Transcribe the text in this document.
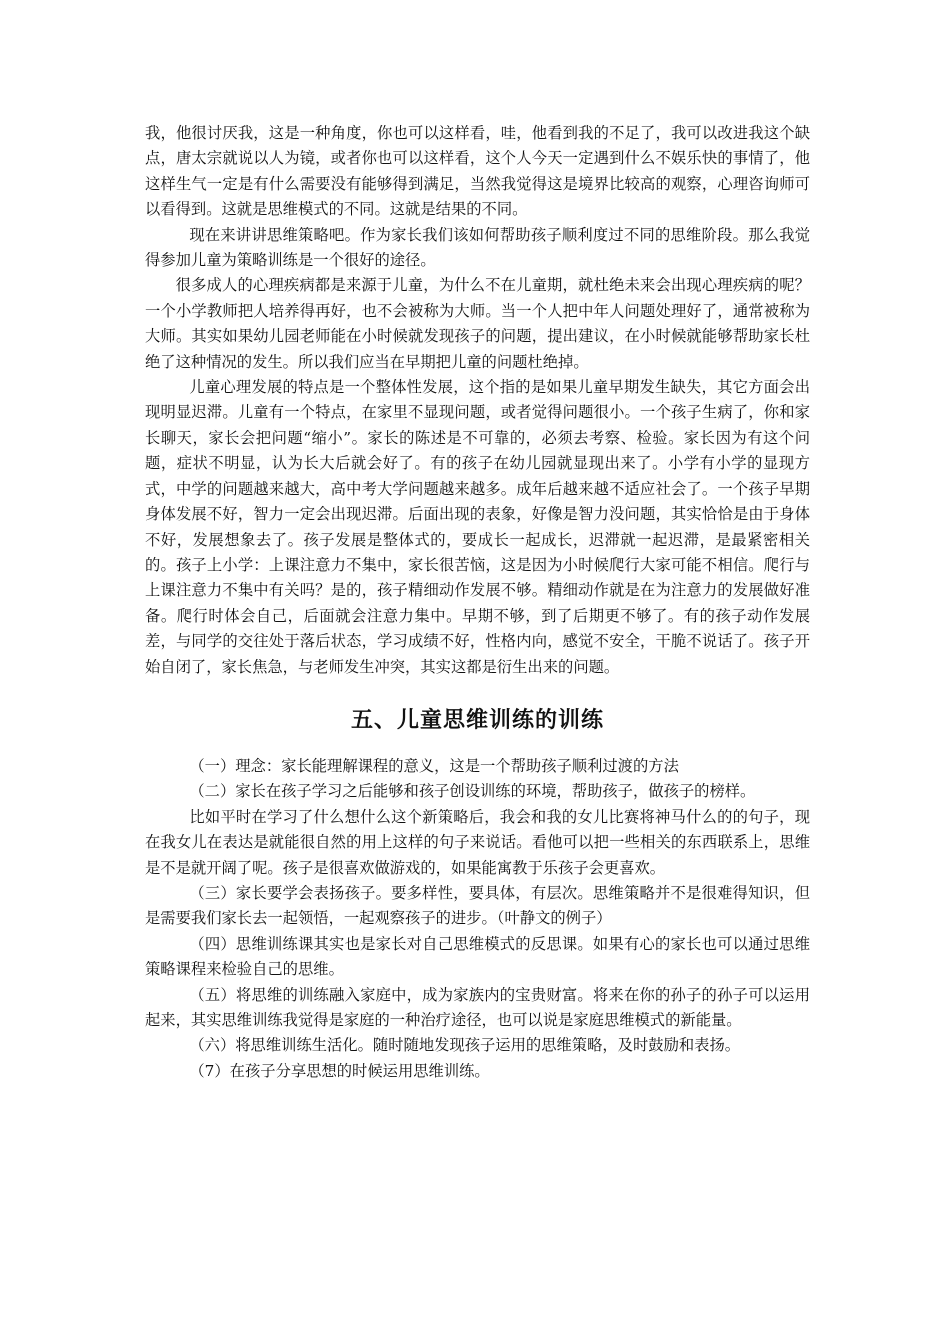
我，他很讨厌我，这是一种角度，你也可以这样看，哇，他看到我的不足了，我可以改进我这个缺点，唐太宗就说以人为镜，或者你也可以这样看，这个人今天一定遇到什么不娱乐快的事情了，他这样生气一定是有什么需要没有能够得到满足，当然我觉得这是境界比较高的观察，心理咨询师可以看得到。这就是思维模式的不同。这就是结果的不同。

现在来讲讲思维策略吧。作为家长我们该如何帮助孩子顺利度过不同的思维阶段。那么我觉得参加儿童为策略训练是一个很好的途径。

很多成人的心理疾病都是来源于儿童，为什么不在儿童期，就杜绝未来会出现心理疾病的呢？一个小学教师把人培养得再好，也不会被称为大师。当一个人把中年人问题处理好了，通常被称为大师。其实如果幼儿园老师能在小时候就发现孩子的问题，提出建议，在小时候就能够帮助家长杜绝了这种情况的发生。所以我们应当在早期把儿童的问题杜绝掉。

儿童心理发展的特点是一个整体性发展，这个指的是如果儿童早期发生缺失，其它方面会出现明显迟滞。儿童有一个特点，在家里不显现问题，或者觉得问题很小。一个孩子生病了，你和家长聊天，家长会把问题“缩小”。家长的陈述是不可靠的，必须去考察、检验。家长因为有这个问题，症状不明显，认为长大后就会好了。有的孩子在幼儿园就显现出来了。小学有小学的显现方式，中学的问题越来越大，高中考大学问题越来越多。成年后越来越不适应社会了。一个孩子早期身体发展不好，智力一定会出现迟滞。后面出现的表象，好像是智力没问题，其实恰恰是由于身体不好，发展想象去了。孩子发展是整体式的，要成长一起成长，迟滞就一起迟滞，是最紧密相关的。孩子上小学：上课注意力不集中，家长很苦恼，这是因为小时候爬行大家可能不相信。爬行与上课注意力不集中有关吗？是的，孩子精细动作发展不够。精细动作就是在为注意力的发展做好准备。爬行时体会自己，后面就会注意力集中。早期不够，到了后期更不够了。有的孩子动作发展差，与同学的交往处于落后状态，学习成绩不好，性格内向，感觉不安全，干脆不说话了。孩子开始自闭了，家长焦急，与老师发生冲突，其实这都是衍生出来的问题。

五、儿童思维训练的训练

（一）理念：家长能理解课程的意义，这是一个帮助孩子顺利过渡的方法

（二）家长在孩子学习之后能够和孩子创设训练的环境，帮助孩子，做孩子的榜样。

比如平时在学习了什么想什么这个新策略后，我会和我的女儿比赛将神马什么的的句子，现在我女儿在表达是就能很自然的用上这样的句子来说话。看他可以把一些相关的东西联系上，思维是不是就开阔了呢。孩子是很喜欢做游戏的，如果能寓教于乐孩子会更喜欢。

（三）家长要学会表扬孩子。要多样性，要具体，有层次。思维策略并不是很难得知识，但是需要我们家长去一起领悟，一起观察孩子的进步。（叶静文的例子）

（四）思维训练课其实也是家长对自己思维模式的反思课。如果有心的家长也可以通过思维策略课程来检验自己的思维。

（五）将思维的训练融入家庭中，成为家族内的宝贵财富。将来在你的孙子的孙子可以运用起来，其实思维训练我觉得是家庭的一种治疗途径，也可以说是家庭思维模式的新能量。

（六）将思维训练生活化。随时随地发现孩子运用的思维策略，及时鼓励和表扬。

（7）在孩子分享思想的时候运用思维训练。
